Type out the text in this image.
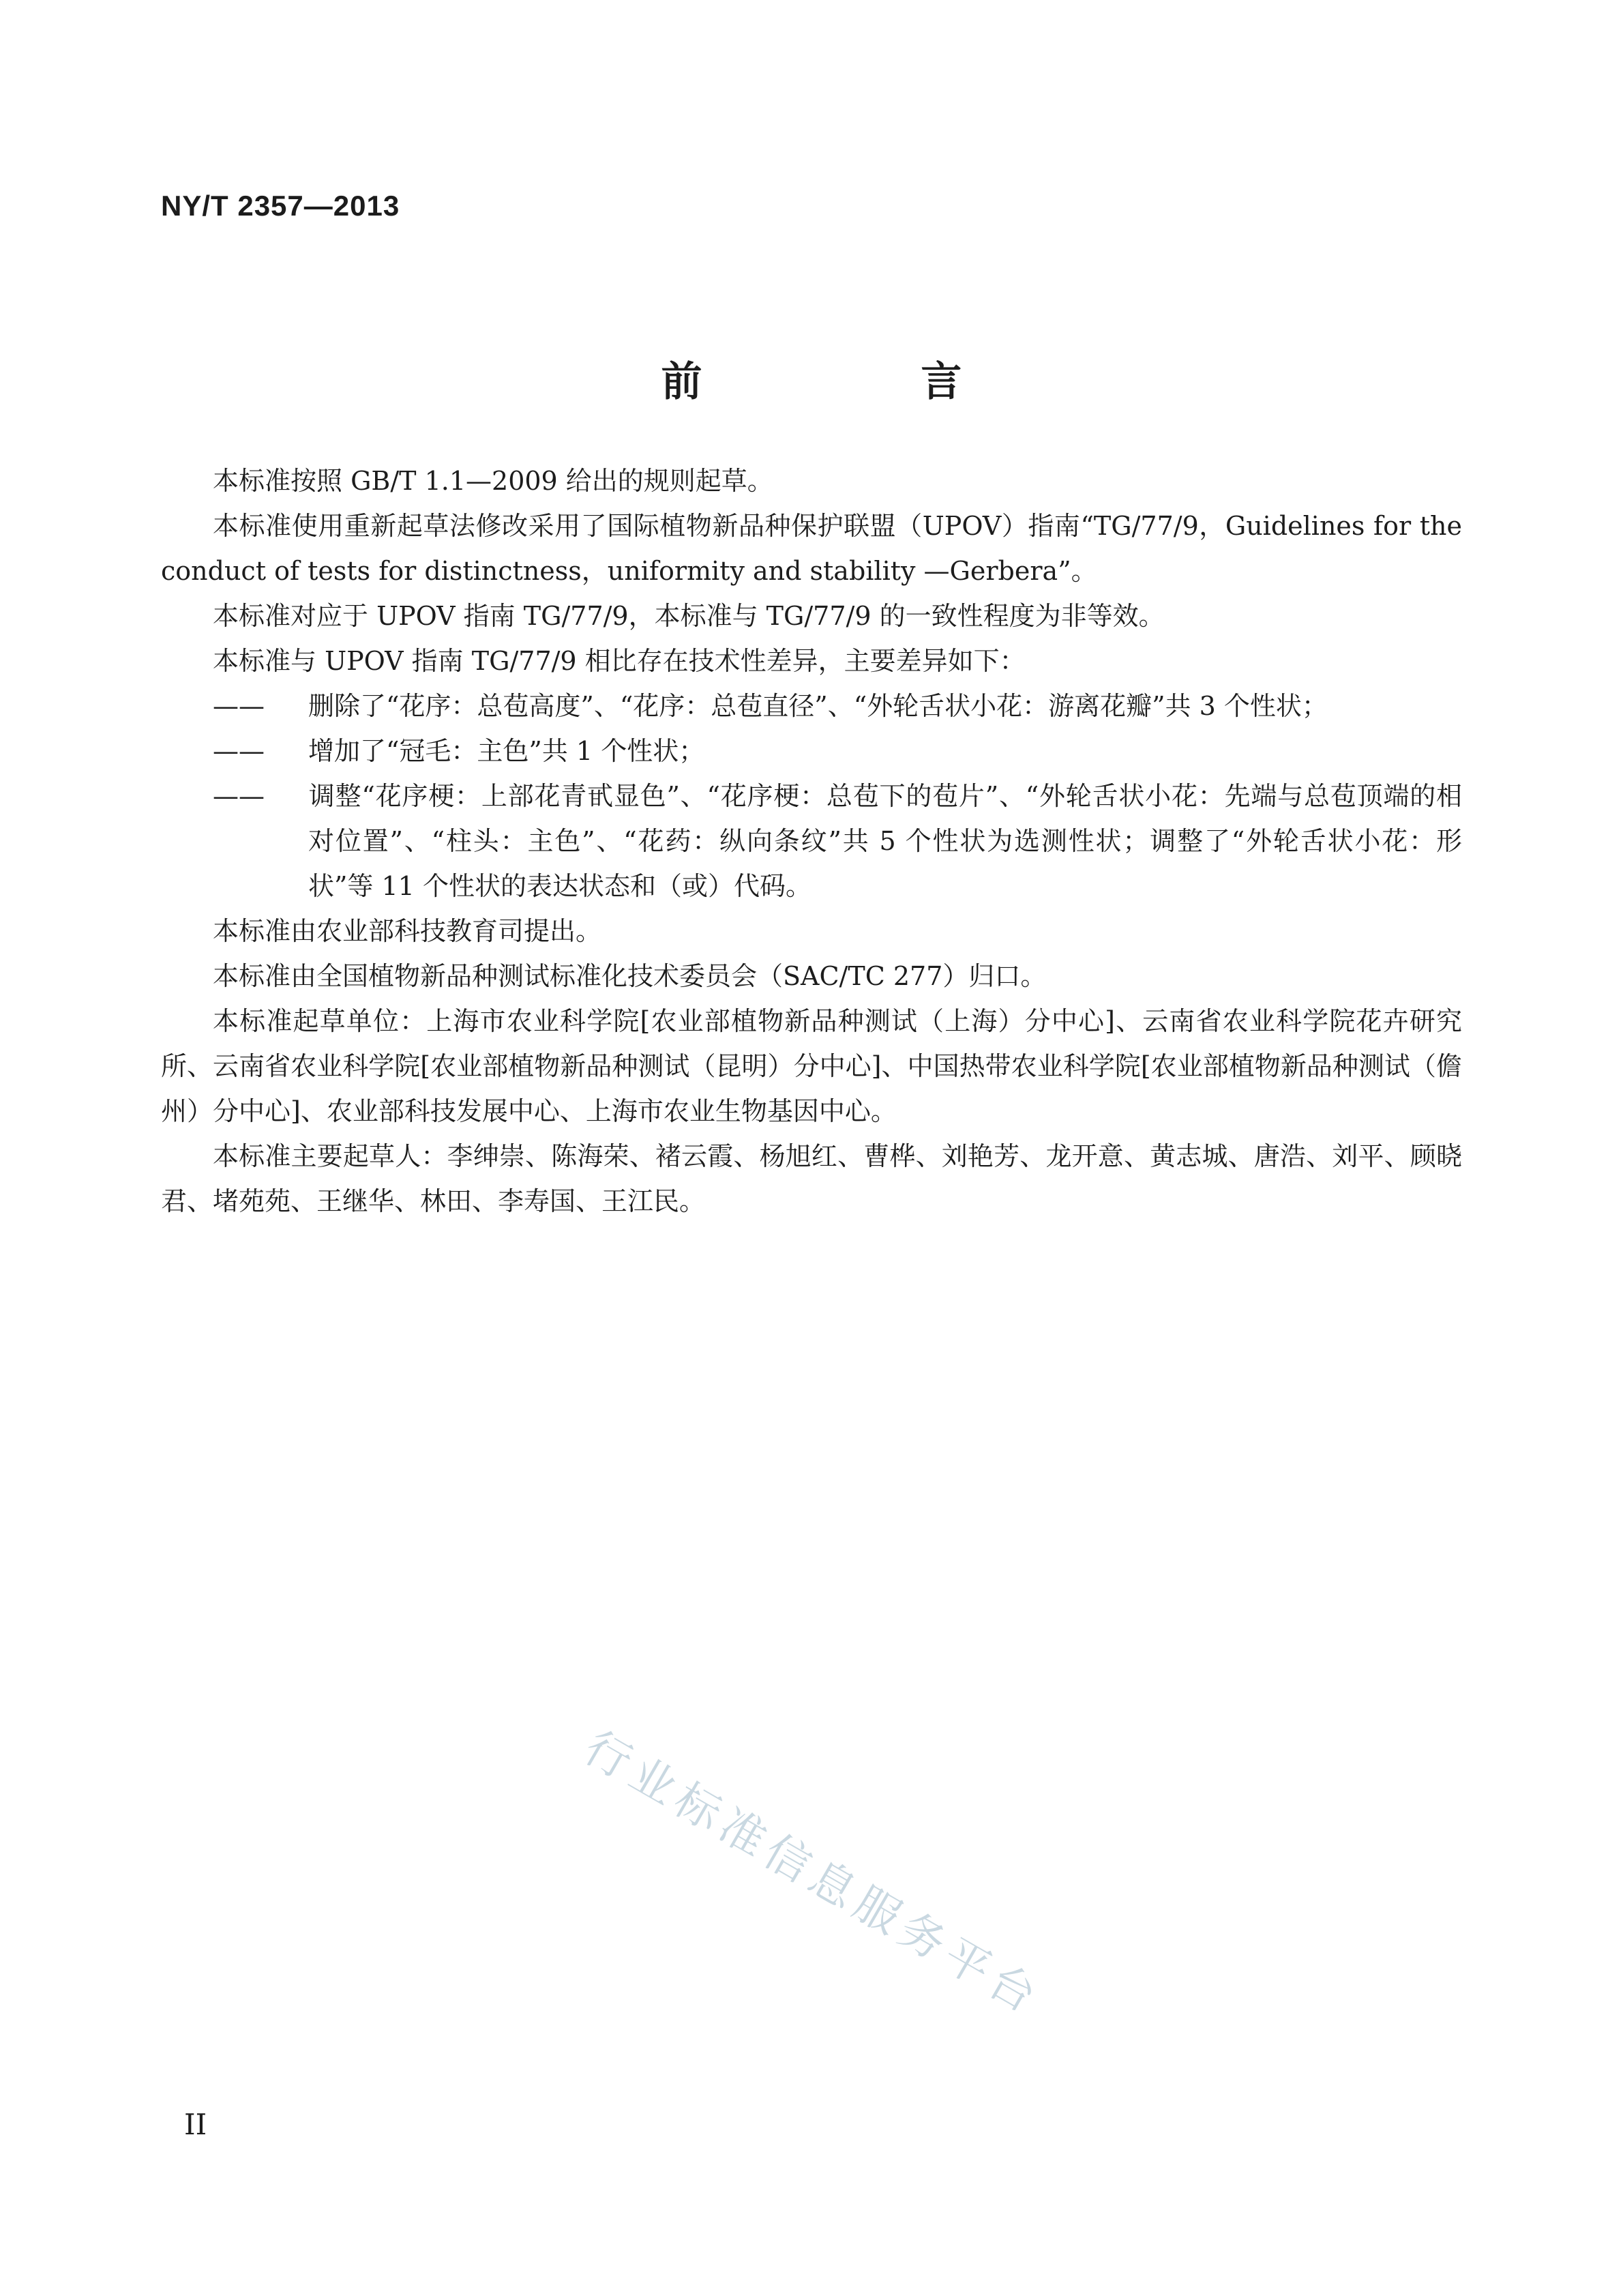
NY/T 2357—2013
前 言

本标准按照 GB/T 1.1—2009 给出的规则起草。

本标准使用重新起草法修改采用了国际植物新品种保护联盟（UPOV）指南“TG/77/9，Guidelines for the conduct of tests for distinctness，uniformity and stability —Gerbera”。

本标准对应于 UPOV 指南 TG/77/9，本标准与 TG/77/9 的一致性程度为非等效。

本标准与 UPOV 指南 TG/77/9 相比存在技术性差异，主要差异如下：

—— 删除了“花序：总苞高度”、“花序：总苞直径”、“外轮舌状小花：游离花瓣”共 3 个性状；
—— 增加了“冠毛：主色”共 1 个性状；
—— 调整“花序梗：上部花青甙显色”、“花序梗：总苞下的苞片”、“外轮舌状小花：先端与总苞顶端的相对位置”、“柱头：主色”、“花药：纵向条纹”共 5 个性状为选测性状；调整了“外轮舌状小花：形状”等 11 个性状的表达状态和（或）代码。

本标准由农业部科技教育司提出。

本标准由全国植物新品种测试标准化技术委员会（SAC/TC 277）归口。

本标准起草单位：上海市农业科学院[农业部植物新品种测试（上海）分中心]、云南省农业科学院花卉研究所、云南省农业科学院[农业部植物新品种测试（昆明）分中心]、中国热带农业科学院[农业部植物新品种测试（儋州）分中心]、农业部科技发展中心、上海市农业生物基因中心。

本标准主要起草人：李绅崇、陈海荣、褚云霞、杨旭红、曹桦、刘艳芳、龙开意、黄志城、唐浩、刘平、顾晓君、堵苑苑、王继华、林田、李寿国、王江民。

行业标准信息服务平台
II
